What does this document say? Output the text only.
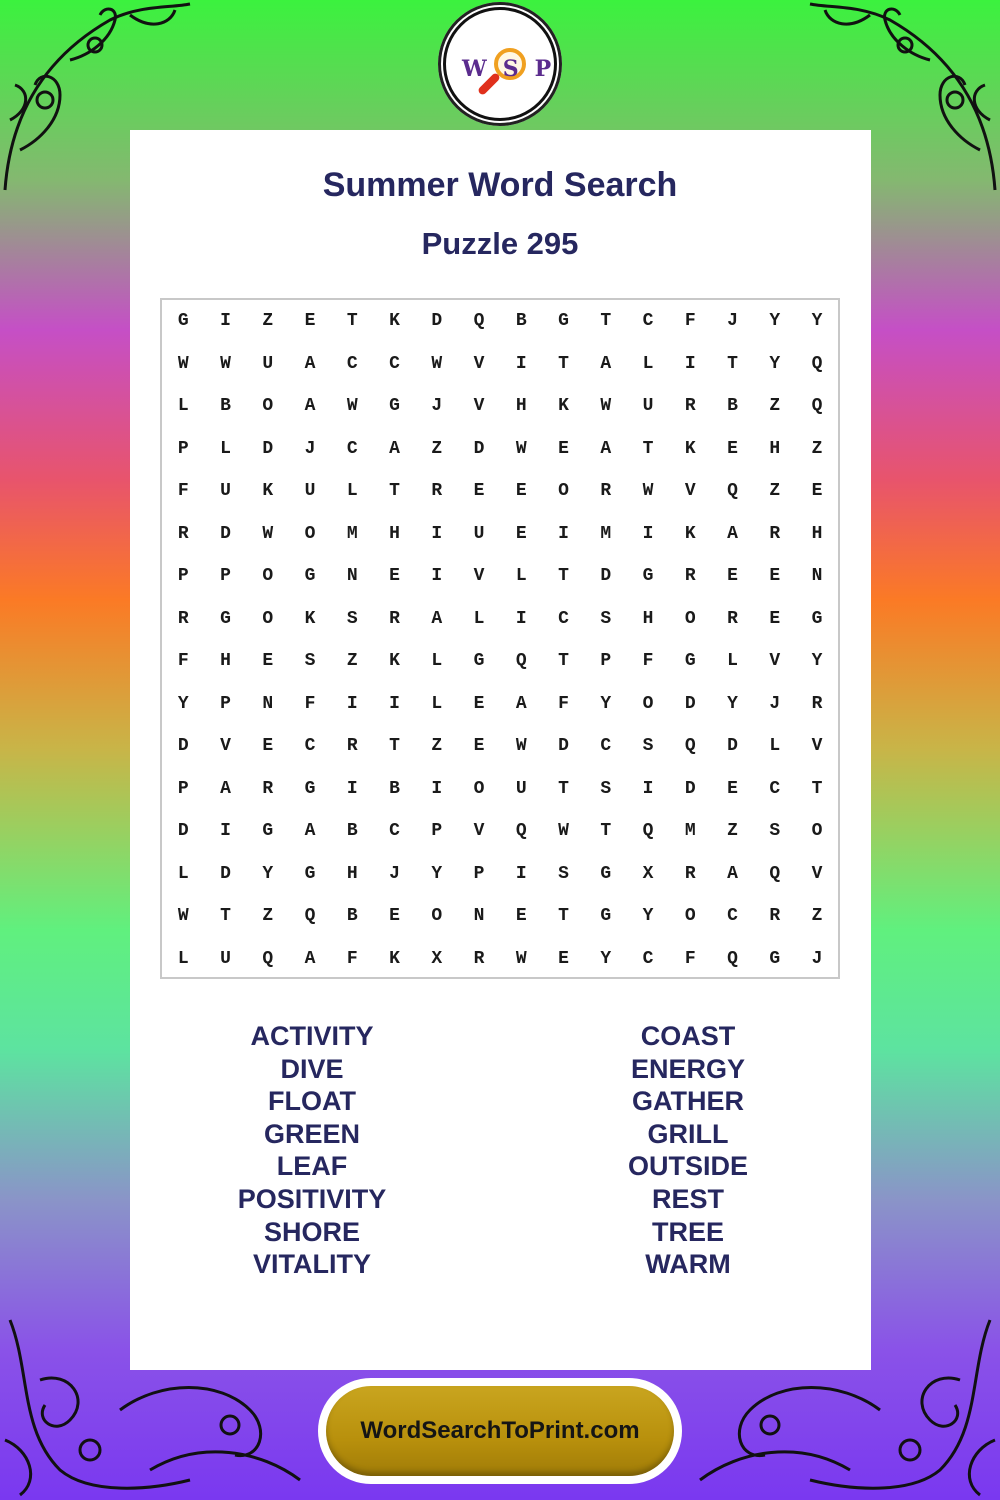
WSP
Summer Word Search
Puzzle 295
G	I	Z	E	T	K	D	Q	B	G	T	C	F	J	Y	Y
W	W	U	A	C	C	W	V	I	T	A	L	I	T	Y	Q
L	B	O	A	W	G	J	V	H	K	W	U	R	B	Z	Q
P	L	D	J	C	A	Z	D	W	E	A	T	K	E	H	Z
F	U	K	U	L	T	R	E	E	O	R	W	V	Q	Z	E
R	D	W	O	M	H	I	U	E	I	M	I	K	A	R	H
P	P	O	G	N	E	I	V	L	T	D	G	R	E	E	N
R	G	O	K	S	R	A	L	I	C	S	H	O	R	E	G
F	H	E	S	Z	K	L	G	Q	T	P	F	G	L	V	Y
Y	P	N	F	I	I	L	E	A	F	Y	O	D	Y	J	R
D	V	E	C	R	T	Z	E	W	D	C	S	Q	D	L	V
P	A	R	G	I	B	I	O	U	T	S	I	D	E	C	T
D	I	G	A	B	C	P	V	Q	W	T	Q	M	Z	S	O
L	D	Y	G	H	J	Y	P	I	S	G	X	R	A	Q	V
W	T	Z	Q	B	E	O	N	E	T	G	Y	O	C	R	Z
L	U	Q	A	F	K	X	R	W	E	Y	C	F	Q	G	J
ACTIVITY
DIVE
FLOAT
GREEN
LEAF
POSITIVITY
SHORE
VITALITY
COAST
ENERGY
GATHER
GRILL
OUTSIDE
REST
TREE
WARM
WordSearchToPrint.com
